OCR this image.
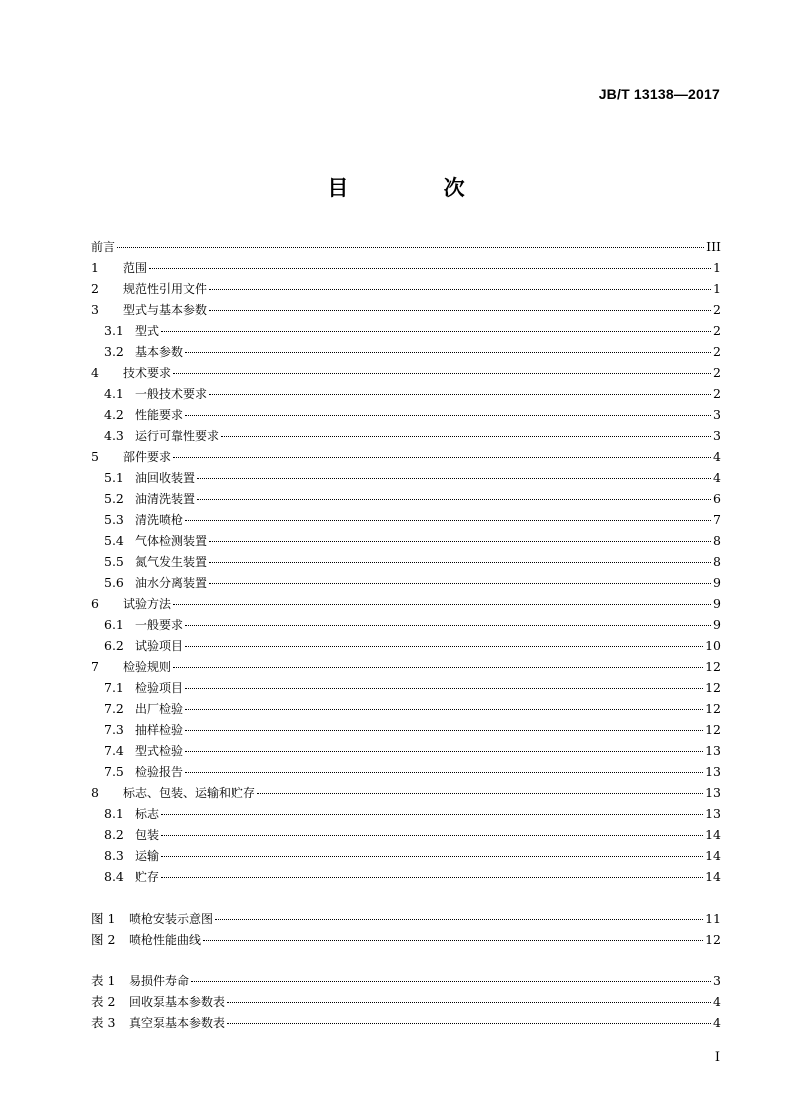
JB/T 13138—2017
目 次
前言	III
1	范围	1
2	规范性引用文件	1
3	型式与基本参数	2
3.1 型式	2
3.2 基本参数	2
4	技术要求	2
4.1 一般技术要求	2
4.2 性能要求	3
4.3 运行可靠性要求	3
5	部件要求	4
5.1 油回收装置	4
5.2 油清洗装置	6
5.3 清洗喷枪	7
5.4 气体检测装置	8
5.5 氮气发生装置	8
5.6 油水分离装置	9
6	试验方法	9
6.1 一般要求	9
6.2 试验项目	10
7	检验规则	12
7.1 检验项目	12
7.2 出厂检验	12
7.3 抽样检验	12
7.4 型式检验	13
7.5 检验报告	13
8	标志、包装、运输和贮存	13
8.1 标志	13
8.2 包装	14
8.3 运输	14
8.4 贮存	14
图 1	喷枪安装示意图	11
图 2	喷枪性能曲线	12
表 1	易损件寿命	3
表 2	回收泵基本参数表	4
表 3	真空泵基本参数表	4
I
